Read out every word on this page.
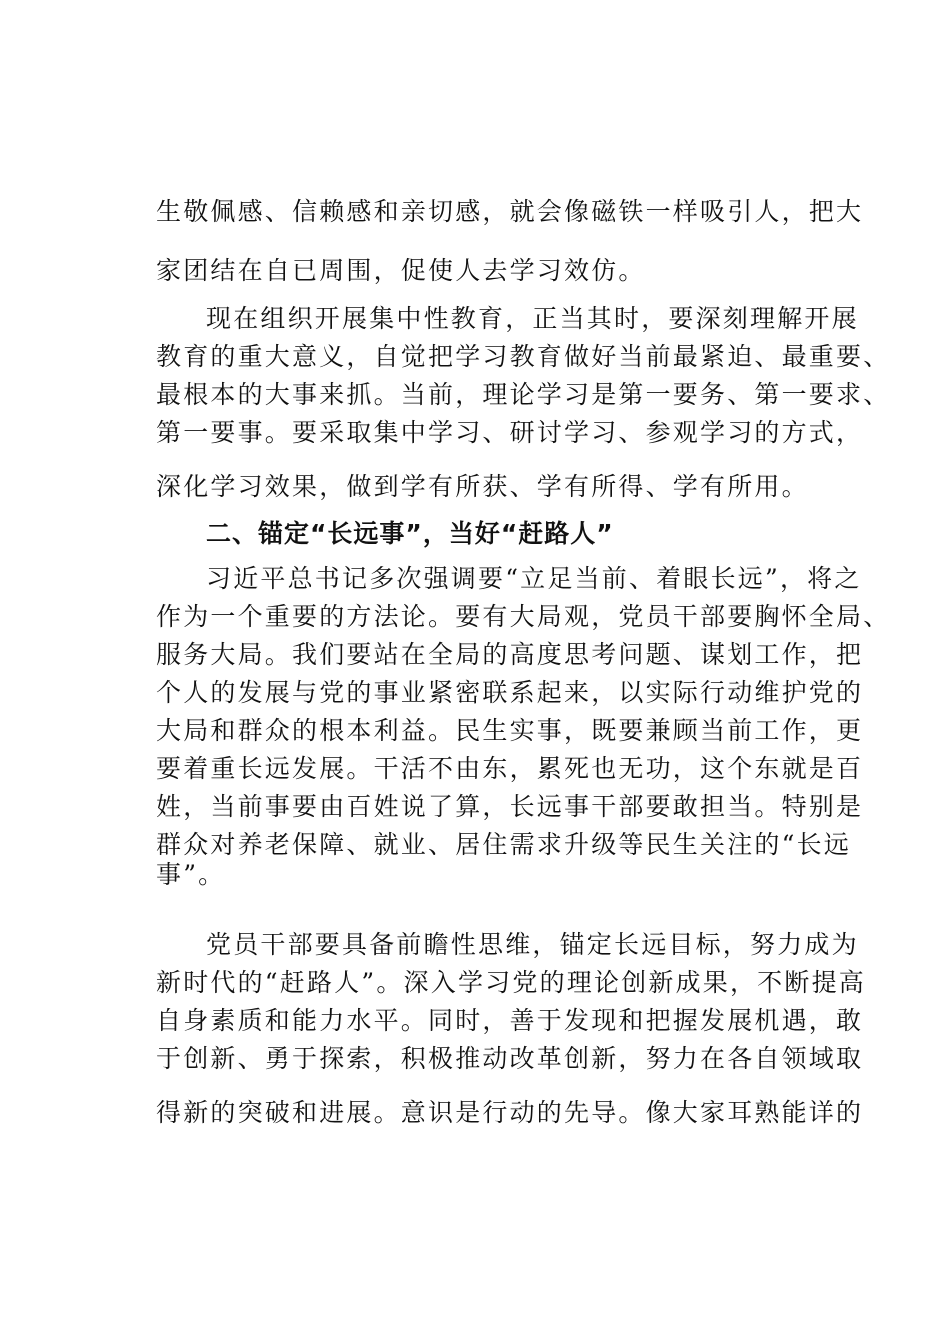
生敬佩感、信赖感和亲切感，就会像磁铁一样吸引人，把大
家团结在自已周围，促使人去学习效仿。
现在组织开展集中性教育，正当其时，要深刻理解开展
教育的重大意义，自觉把学习教育做好当前最紧迫、最重要、
最根本的大事来抓。当前，理论学习是第一要务、第一要求、
第一要事。要采取集中学习、研讨学习、参观学习的方式，
深化学习效果，做到学有所获、学有所得、学有所用。
二、锚定“长远事”，当好“赶路人”
习近平总书记多次强调要“立足当前、着眼长远”，将之
作为一个重要的方法论。要有大局观，党员干部要胸怀全局、
服务大局。我们要站在全局的高度思考问题、谋划工作，把
个人的发展与党的事业紧密联系起来，以实际行动维护党的
大局和群众的根本利益。民生实事，既要兼顾当前工作，更
要着重长远发展。干活不由东，累死也无功，这个东就是百
姓，当前事要由百姓说了算，长远事干部要敢担当。特别是
群众对养老保障、就业、居住需求升级等民生关注的“长远
事”。
党员干部要具备前瞻性思维，锚定长远目标，努力成为
新时代的“赶路人”。深入学习党的理论创新成果，不断提高
自身素质和能力水平。同时，善于发现和把握发展机遇，敢
于创新、勇于探索，积极推动改革创新，努力在各自领域取
得新的突破和进展。意识是行动的先导。像大家耳熟能详的
